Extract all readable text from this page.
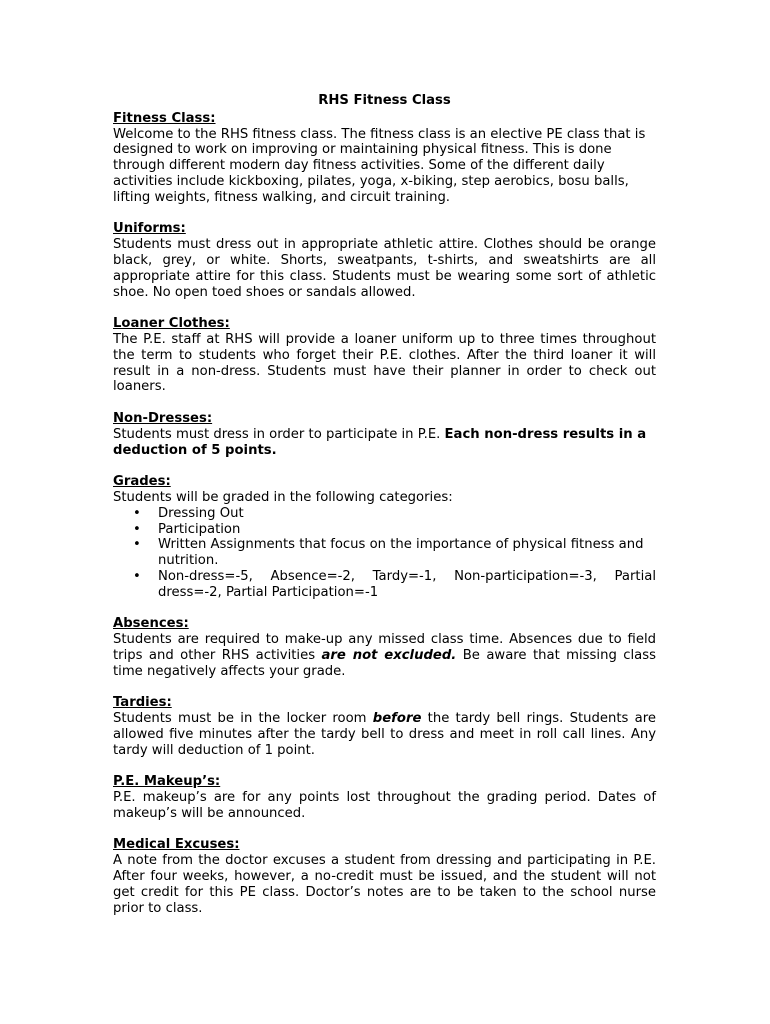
RHS Fitness Class

Fitness Class:

Welcome to the RHS fitness class. The fitness class is an elective PE class that is designed to work on improving or maintaining physical fitness. This is done through different modern day fitness activities. Some of the different daily activities include kickboxing, pilates, yoga, x-biking, step aerobics, bosu balls, lifting weights, fitness walking, and circuit training.

Uniforms:

Students must dress out in appropriate athletic attire. Clothes should be orange black, grey, or white. Shorts, sweatpants, t-shirts, and sweatshirts are all appropriate attire for this class. Students must be wearing some sort of athletic shoe. No open toed shoes or sandals allowed.

Loaner Clothes:

The P.E. staff at RHS will provide a loaner uniform up to three times throughout the term to students who forget their P.E. clothes. After the third loaner it will result in a non-dress. Students must have their planner in order to check out loaners.

Non-Dresses:

Students must dress in order to participate in P.E. Each non-dress results in a deduction of 5 points.

Grades:

Students will be graded in the following categories:

• Dressing Out
• Participation
• Written Assignments that focus on the importance of physical fitness and nutrition.
• Non-dress=-5, Absence=-2, Tardy=-1, Non-participation=-3, Partial dress=-2, Partial Participation=-1

Absences:

Students are required to make-up any missed class time. Absences due to field trips and other RHS activities are not excluded. Be aware that missing class time negatively affects your grade.

Tardies:

Students must be in the locker room before the tardy bell rings. Students are allowed five minutes after the tardy bell to dress and meet in roll call lines. Any tardy will deduction of 1 point.

P.E. Makeup’s:

P.E. makeup’s are for any points lost throughout the grading period. Dates of makeup’s will be announced.

Medical Excuses:

A note from the doctor excuses a student from dressing and participating in P.E. After four weeks, however, a no-credit must be issued, and the student will not get credit for this PE class. Doctor’s notes are to be taken to the school nurse prior to class.
